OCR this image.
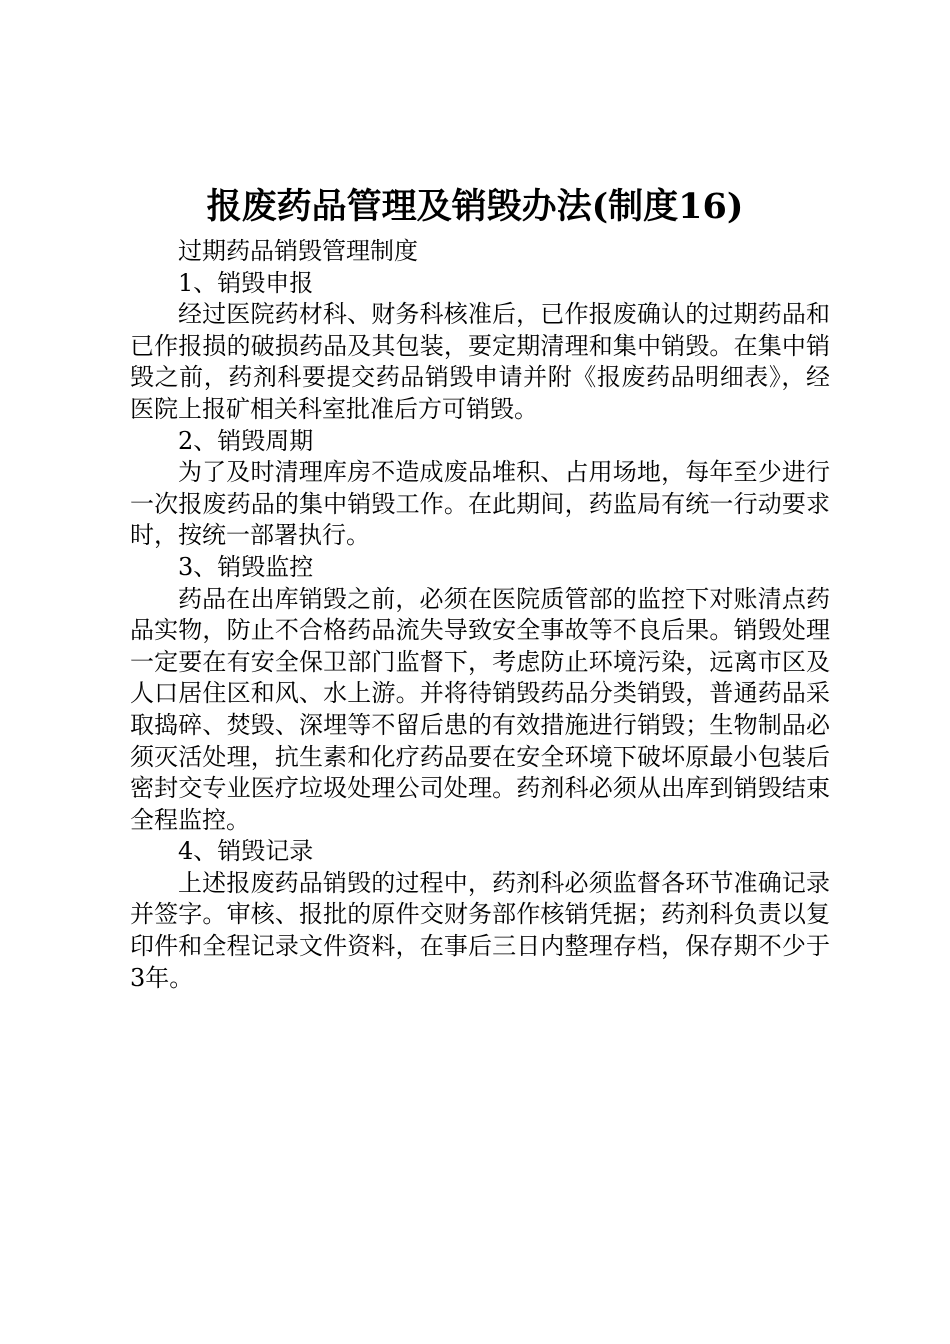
报废药品管理及销毁办法(制度16)

过期药品销毁管理制度

1、销毁申报

经过医院药材科、财务科核准后，已作报废确认的过期药品和已作报损的破损药品及其包装，要定期清理和集中销毁。在集中销毁之前，药剂科要提交药品销毁申请并附《报废药品明细表》，经医院上报矿相关科室批准后方可销毁。

2、销毁周期

为了及时清理库房不造成废品堆积、占用场地，每年至少进行一次报废药品的集中销毁工作。在此期间，药监局有统一行动要求时，按统一部署执行。

3、销毁监控

药品在出库销毁之前，必须在医院质管部的监控下对账清点药品实物，防止不合格药品流失导致安全事故等不良后果。销毁处理一定要在有安全保卫部门监督下，考虑防止环境污染，远离市区及人口居住区和风、水上游。并将待销毁药品分类销毁，普通药品采取捣碎、焚毁、深埋等不留后患的有效措施进行销毁；生物制品必须灭活处理，抗生素和化疗药品要在安全环境下破坏原最小包装后密封交专业医疗垃圾处理公司处理。药剂科必须从出库到销毁结束全程监控。

4、销毁记录

上述报废药品销毁的过程中，药剂科必须监督各环节准确记录并签字。审核、报批的原件交财务部作核销凭据；药剂科负责以复印件和全程记录文件资料，在事后三日内整理存档，保存期不少于3年。
